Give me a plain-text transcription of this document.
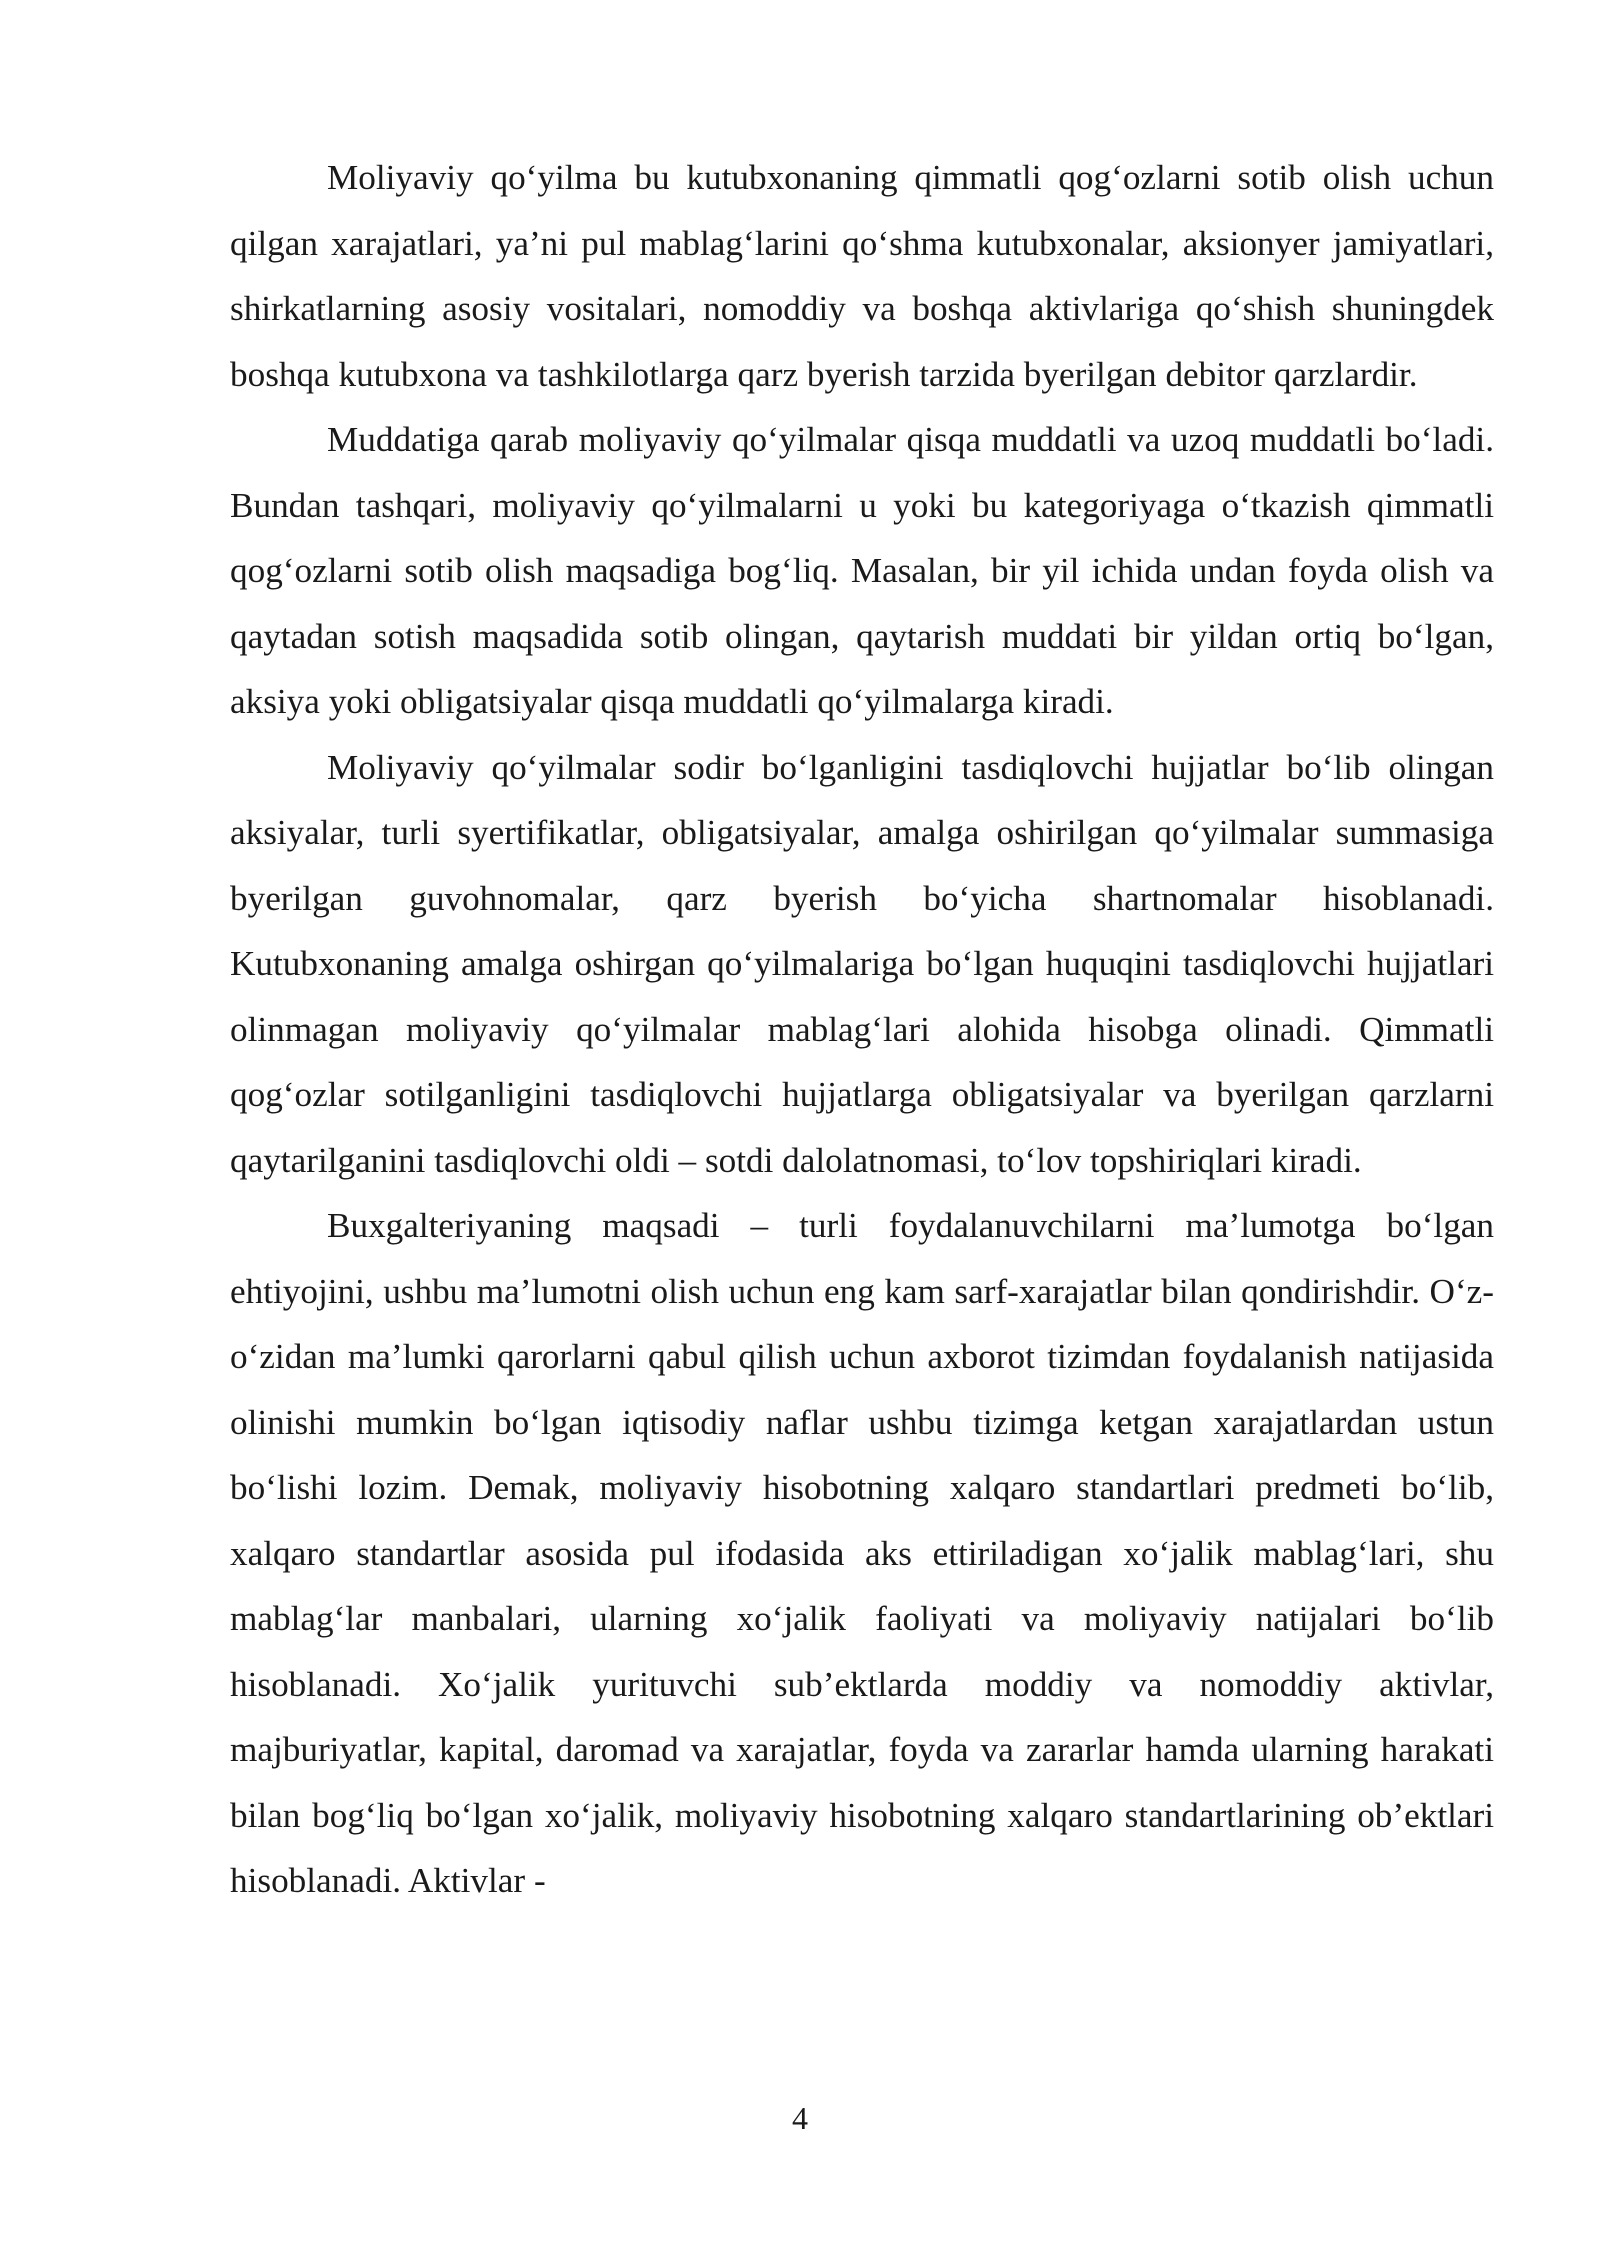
Moliyaviy qo‘yilma bu kutubxonaning qimmatli qog‘ozlarni sotib olish uchun qilgan xarajatlari, ya’ni pul mablag‘larini qo‘shma kutubxonalar, aksionyer jamiyatlari, shirkatlarning asosiy vositalari, nomoddiy va boshqa aktivlariga qo‘shish shuningdek boshqa kutubxona va tashkilotlarga qarz byerish tarzida byerilgan debitor qarzlardir.

Muddatiga qarab moliyaviy qo‘yilmalar qisqa muddatli va uzoq muddatli bo‘ladi. Bundan tashqari, moliyaviy qo‘yilmalarni u yoki bu kategoriyaga o‘tkazish qimmatli qog‘ozlarni sotib olish maqsadiga bog‘liq. Masalan, bir yil ichida undan foyda olish va qaytadan sotish maqsadida sotib olingan, qaytarish muddati bir yildan ortiq bo‘lgan, aksiya yoki obligatsiyalar qisqa muddatli qo‘yilmalarga kiradi.

Moliyaviy qo‘yilmalar sodir bo‘lganligini tasdiqlovchi hujjatlar bo‘lib olingan aksiyalar, turli syertifikatlar, obligatsiyalar, amalga oshirilgan qo‘yilmalar summasiga byerilgan guvohnomalar, qarz byerish bo‘yicha shartnomalar hisoblanadi. Kutubxonaning amalga oshirgan qo‘yilmalariga bo‘lgan huquqini tasdiqlovchi hujjatlari olinmagan moliyaviy qo‘yilmalar mablag‘lari alohida hisobga olinadi. Qimmatli qog‘ozlar sotilganligini tasdiqlovchi hujjatlarga obligatsiyalar va byerilgan qarzlarni qaytarilganini tasdiqlovchi oldi – sotdi dalolatnomasi, to‘lov topshiriqlari kiradi.

Buxgalteriyaning maqsadi – turli foydalanuvchilarni ma’lumotga bo‘lgan ehtiyojini, ushbu ma’lumotni olish uchun eng kam sarf-xarajatlar bilan qondirishdir. O‘z-o‘zidan ma’lumki qarorlarni qabul qilish uchun axborot tizimdan foydalanish natijasida olinishi mumkin bo‘lgan iqtisodiy naflar ushbu tizimga ketgan xarajatlardan ustun bo‘lishi lozim. Demak, moliyaviy hisobotning xalqaro standartlari predmeti bo‘lib, xalqaro standartlar asosida pul ifodasida aks ettiriladigan xo‘jalik mablag‘lari, shu mablag‘lar manbalari, ularning xo‘jalik faoliyati va moliyaviy natijalari bo‘lib hisoblanadi. Xo‘jalik yurituvchi sub’ektlarda moddiy va nomoddiy aktivlar, majburiyatlar, kapital, daromad va xarajatlar, foyda va zararlar hamda ularning harakati bilan bog‘liq bo‘lgan xo‘jalik, moliyaviy hisobotning xalqaro standartlarining ob’ektlari hisoblanadi. Aktivlar -

4
